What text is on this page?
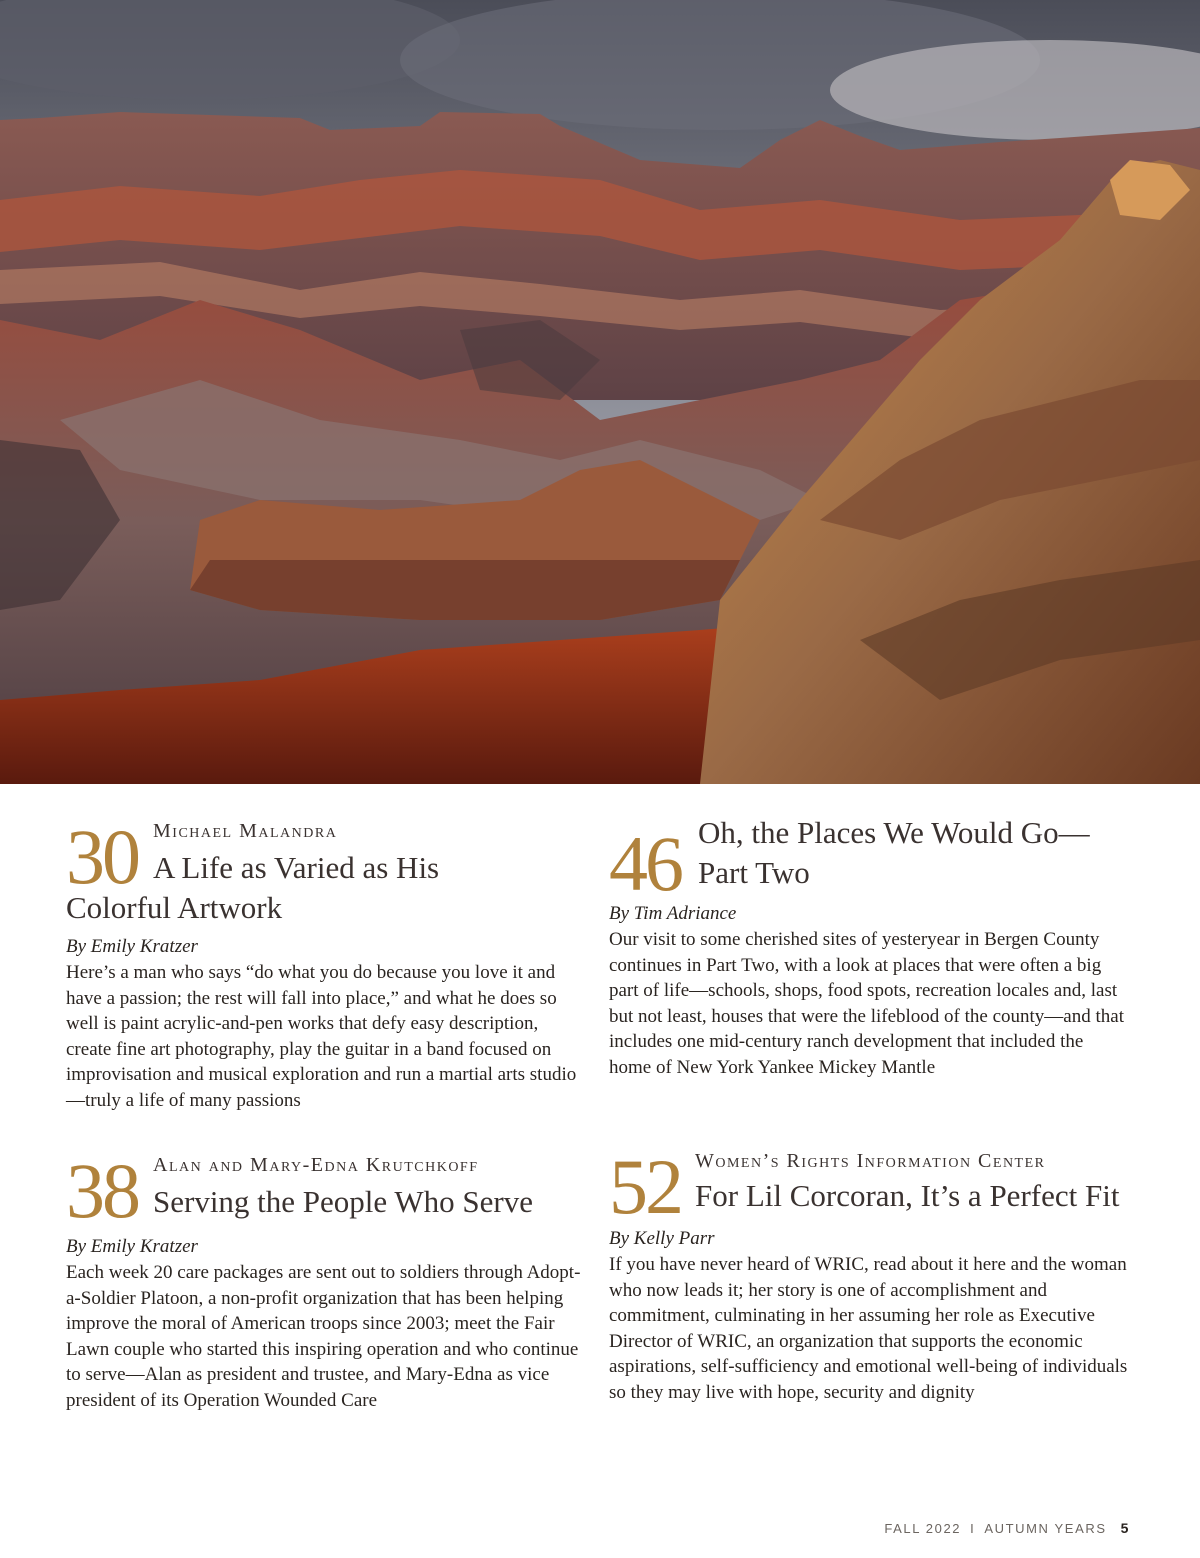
30 Michael Malandra
A Life as Varied as His
Colorful Artwork
By Emily Kratzer
Here’s a man who says “do what you do because you love it and have a passion; the rest will fall into place,” and what he does so well is paint acrylic-and-pen works that defy easy description, create fine art photography, play the guitar in a band focused on improvisation and musical exploration and run a martial arts studio—truly a life of many passions
38 Alan and Mary-Edna Krutchkoff
Serving the People Who Serve
By Emily Kratzer
Each week 20 care packages are sent out to soldiers through Adopt-a-Soldier Platoon, a non-profit organization that has been helping improve the moral of American troops since 2003; meet the Fair Lawn couple who started this inspiring operation and who continue to serve—Alan as president and trustee, and Mary-Edna as vice president of its Operation Wounded Care
46 Oh, the Places We Would Go—
Part Two
By Tim Adriance
Our visit to some cherished sites of yesteryear in Bergen County continues in Part Two, with a look at places that were often a big part of life—schools, shops, food spots, recreation locales and, last but not least, houses that were the lifeblood of the county—and that includes one mid-century ranch development that included the home of New York Yankee Mickey Mantle
52 Women’s Rights Information Center
For Lil Corcoran, It’s a Perfect Fit
By Kelly Parr
If you have never heard of WRIC, read about it here and the woman who now leads it; her story is one of accomplishment and commitment, culminating in her assuming her role as Executive Director of WRIC, an organization that supports the economic aspirations, self-sufficiency and emotional well-being of individuals so they may live with hope, security and dignity
FALL 2022 I AUTUMN YEARS 5
